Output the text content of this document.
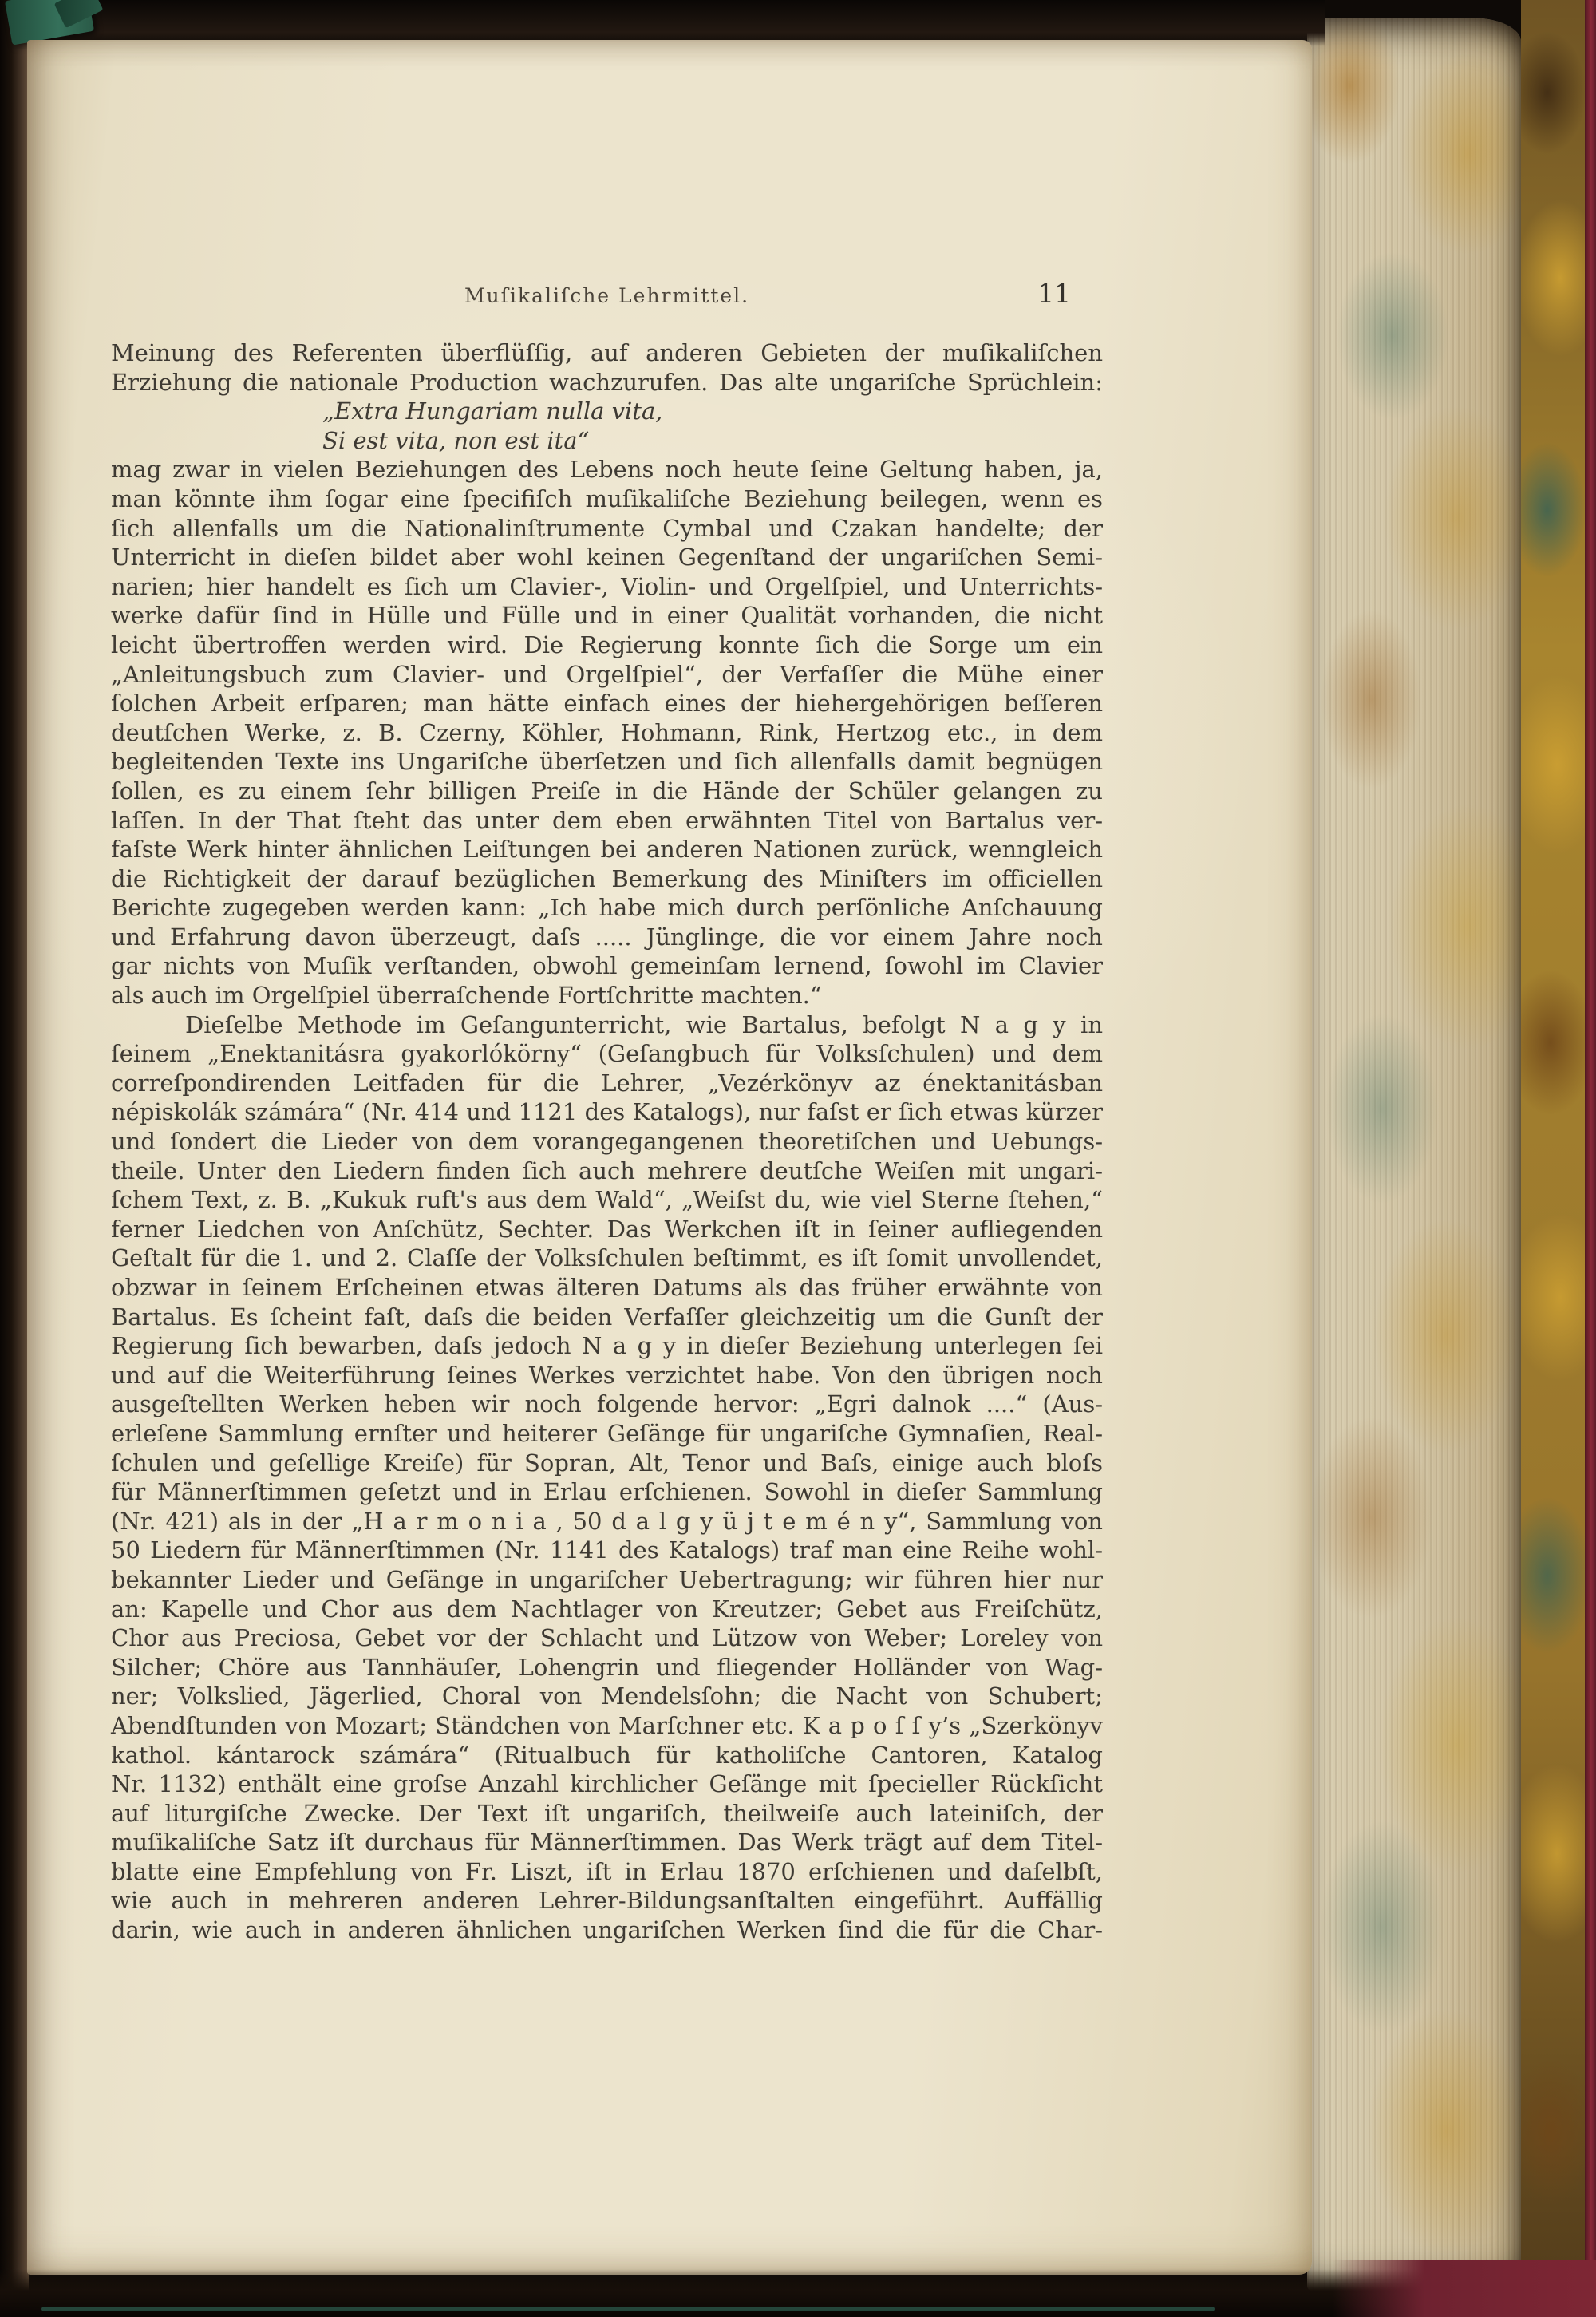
Muſikaliſche Lehrmittel.	11
Meinung des Referenten überflüſſig, auf anderen Gebieten der muſikaliſchen
Erziehung die nationale Production wachzurufen. Das alte ungariſche Sprüchlein:
„Extra Hungariam nulla vita,
Si est vita, non est ita“
mag zwar in vielen Beziehungen des Lebens noch heute ſeine Geltung haben, ja,
man könnte ihm ſogar eine ſpecifiſch muſikaliſche Beziehung beilegen, wenn es
ſich allenfalls um die Nationalinſtrumente Cymbal und Czakan handelte; der
Unterricht in dieſen bildet aber wohl keinen Gegenſtand der ungariſchen Semi-
narien; hier handelt es ſich um Clavier-, Violin- und Orgelſpiel, und Unterrichts-
werke dafür ſind in Hülle und Fülle und in einer Qualität vorhanden, die nicht
leicht übertroffen werden wird. Die Regierung konnte ſich die Sorge um ein
„Anleitungsbuch zum Clavier- und Orgelſpiel“, der Verfaſſer die Mühe einer
ſolchen Arbeit erſparen; man hätte einfach eines der hiehergehörigen beſſeren
deutſchen Werke, z. B. Czerny, Köhler, Hohmann, Rink, Hertzog etc., in dem
begleitenden Texte ins Ungariſche überſetzen und ſich allenfalls damit begnügen
ſollen, es zu einem ſehr billigen Preiſe in die Hände der Schüler gelangen zu
laſſen. In der That ſteht das unter dem eben erwähnten Titel von Bartalus ver-
faſste Werk hinter ähnlichen Leiſtungen bei anderen Nationen zurück, wenngleich
die Richtigkeit der darauf bezüglichen Bemerkung des Miniſters im officiellen
Berichte zugegeben werden kann: „Ich habe mich durch perſönliche Anſchauung
und Erfahrung davon überzeugt, daſs ..... Jünglinge, die vor einem Jahre noch
gar nichts von Muſik verſtanden, obwohl gemeinſam lernend, ſowohl im Clavier
als auch im Orgelſpiel überraſchende Fortſchritte machten.“
Dieſelbe Methode im Geſangunterricht, wie Bartalus, befolgt N a g y in
ſeinem „Enektanitásra gyakorlókörny“ (Geſangbuch für Volksſchulen) und dem
correſpondirenden Leitfaden für die Lehrer, „Vezérkönyv az énektanitásban
népiskolák számára“ (Nr. 414 und 1121 des Katalogs), nur faſst er ſich etwas kürzer
und ſondert die Lieder von dem vorangegangenen theoretiſchen und Uebungs-
theile. Unter den Liedern finden ſich auch mehrere deutſche Weiſen mit ungari-
ſchem Text, z. B. „Kukuk ruft's aus dem Wald“, „Weiſst du, wie viel Sterne ſtehen,“
ferner Liedchen von Anſchütz, Sechter. Das Werkchen iſt in ſeiner aufliegenden
Geſtalt für die 1. und 2. Claſſe der Volksſchulen beſtimmt, es iſt ſomit unvollendet,
obzwar in ſeinem Erſcheinen etwas älteren Datums als das früher erwähnte von
Bartalus. Es ſcheint faſt, daſs die beiden Verfaſſer gleichzeitig um die Gunſt der
Regierung ſich bewarben, daſs jedoch N a g y in dieſer Beziehung unterlegen ſei
und auf die Weiterführung ſeines Werkes verzichtet habe. Von den übrigen noch
ausgeſtellten Werken heben wir noch folgende hervor: „Egri dalnok ....“ (Aus-
erleſene Sammlung ernſter und heiterer Geſänge für ungariſche Gymnaſien, Real-
ſchulen und geſellige Kreiſe) für Sopran, Alt, Tenor und Baſs, einige auch bloſs
für Männerſtimmen geſetzt und in Erlau erſchienen. Sowohl in dieſer Sammlung
(Nr. 421) als in der „H a r m o n i a , 50 d a l g y ü j t e m é n y“, Sammlung von
50 Liedern für Männerſtimmen (Nr. 1141 des Katalogs) traf man eine Reihe wohl-
bekannter Lieder und Geſänge in ungariſcher Uebertragung; wir führen hier nur
an: Kapelle und Chor aus dem Nachtlager von Kreutzer; Gebet aus Freiſchütz,
Chor aus Preciosa, Gebet vor der Schlacht und Lützow von Weber; Loreley von
Silcher; Chöre aus Tannhäuſer, Lohengrin und fliegender Holländer von Wag-
ner; Volkslied, Jägerlied, Choral von Mendelsſohn; die Nacht von Schubert;
Abendſtunden von Mozart; Ständchen von Marſchner etc. K a p o ſ ſ y’s „Szerkönyv
kathol. kántarock számára“ (Ritualbuch für katholiſche Cantoren, Katalog
Nr. 1132) enthält eine groſse Anzahl kirchlicher Geſänge mit ſpecieller Rückſicht
auf liturgiſche Zwecke. Der Text iſt ungariſch, theilweiſe auch lateiniſch, der
muſikaliſche Satz iſt durchaus für Männerſtimmen. Das Werk trägt auf dem Titel-
blatte eine Empfehlung von Fr. Liszt, iſt in Erlau 1870 erſchienen und daſelbſt,
wie auch in mehreren anderen Lehrer-Bildungsanſtalten eingeführt. Auffällig
darin, wie auch in anderen ähnlichen ungariſchen Werken ſind die für die Char-
